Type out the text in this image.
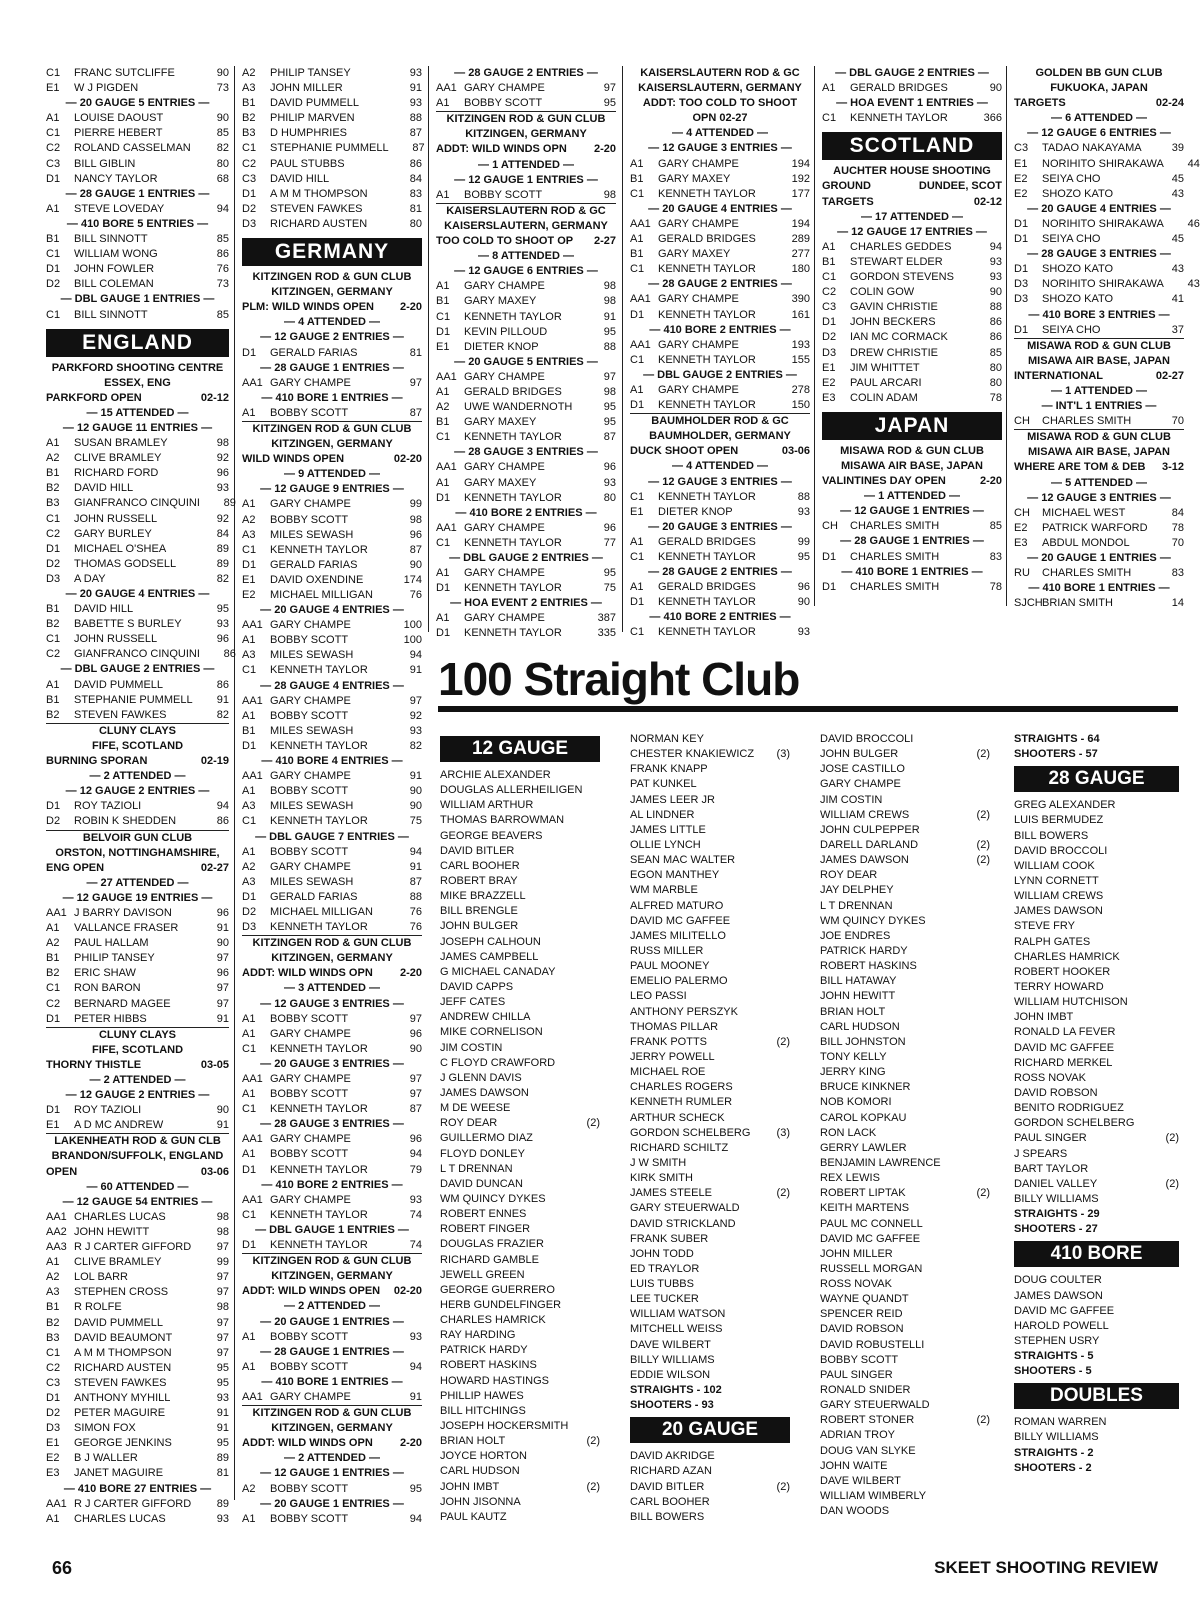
C1	FRANC SUTCLIFFE	90
E1	W J PIGDEN	73
— 20 GAUGE 5 ENTRIES —
A1	LOUISE DAOUST	90
C1	PIERRE HEBERT	85
C2	ROLAND CASSELMAN	82
C3	BILL GIBLIN	80
D1	NANCY TAYLOR	68
— 28 GAUGE 1 ENTRIES —
A1	STEVE LOVEDAY	94
— 410 BORE 5 ENTRIES —
B1	BILL SINNOTT	85
C1	WILLIAM WONG	86
D1	JOHN FOWLER	76
D2	BILL COLEMAN	73
— DBL GAUGE 1 ENTRIES —
C1	BILL SINNOTT	85
ENGLAND
PARKFORD SHOOTING CENTRE
ESSEX, ENG
PARKFORD OPEN	02-12
— 15 ATTENDED —
— 12 GAUGE 11 ENTRIES —
A1	SUSAN BRAMLEY	98
A2	CLIVE BRAMLEY	92
B1	RICHARD FORD	96
B2	DAVID HILL	93
B3	GIANFRANCO CINQUINI	89
C1	JOHN RUSSELL	92
C2	GARY BURLEY	84
D1	MICHAEL O'SHEA	89
D2	THOMAS GODSELL	89
D3	A DAY	82
— 20 GAUGE 4 ENTRIES —
B1	DAVID HILL	95
B2	BABETTE S BURLEY	93
C1	JOHN RUSSELL	96
C2	GIANFRANCO CINQUINI	86
— DBL GAUGE 2 ENTRIES —
A1	DAVID PUMMELL	86
B1	STEPHANIE PUMMELL	91
B2	STEVEN FAWKES	82
CLUNY CLAYS
FIFE, SCOTLAND
BURNING SPORAN	02-19
— 2 ATTENDED —
— 12 GAUGE 2 ENTRIES —
D1	ROY TAZIOLI	94
D2	ROBIN K SHEDDEN	86
BELVOIR GUN CLUB
ORSTON, NOTTINGHAMSHIRE,
ENG OPEN	02-27
— 27 ATTENDED —
— 12 GAUGE 19 ENTRIES —
AA1 J BARRY DAVISON	96
A1	VALLANCE FRASER	91
A2	PAUL HALLAM	90
B1	PHILIP TANSEY	97
B2	ERIC SHAW	96
C1	RON BARON	97
C2	BERNARD MAGEE	97
D1	PETER HIBBS	91
CLUNY CLAYS
FIFE, SCOTLAND
THORNY THISTLE	03-05
— 2 ATTENDED —
— 12 GAUGE 2 ENTRIES —
D1	ROY TAZIOLI	90
E1	A D MC ANDREW	91
LAKENHEATH ROD & GUN CLB
BRANDON/SUFFOLK, ENGLAND
OPEN	03-06
— 60 ATTENDED —
— 12 GAUGE 54 ENTRIES —
AA1 CHARLES LUCAS	98
AA2 JOHN HEWITT	98
AA3 R J CARTER GIFFORD	97
A1	CLIVE BRAMLEY	99
A2	LOL BARR	97
A3	STEPHEN CROSS	97
B1	R ROLFE	98
B2	DAVID PUMMELL	97
B3	DAVID BEAUMONT	97
C1	A M M THOMPSON	97
C2	RICHARD AUSTEN	95
C3	STEVEN FAWKES	95
D1	ANTHONY MYHILL	93
D2	PETER MAGUIRE	91
D3	SIMON FOX	91
E1	GEORGE JENKINS	95
E2	B J WALLER	89
E3	JANET MAGUIRE	81
— 410 BORE 27 ENTRIES —
AA1 R J CARTER GIFFORD	89
A1	CHARLES LUCAS	93
A2	PHILIP TANSEY	93
A3	JOHN MILLER	91
B1	DAVID PUMMELL	93
B2	PHILIP MARVEN	88
B3	D HUMPHRIES	87
C1	STEPHANIE PUMMELL	87
C2	PAUL STUBBS	86
C3	DAVID HILL	84
D1	A M M THOMPSON	83
D2	STEVEN FAWKES	81
D3	RICHARD AUSTEN	80
GERMANY
KITZINGEN ROD & GUN CLUB
KITZINGEN, GERMANY
PLM: WILD WINDS OPEN 2-20
— 4 ATTENDED —
— 12 GAUGE 2 ENTRIES —
D1	GERALD FARIAS	81
— 28 GAUGE 1 ENTRIES —
AA1 GARY CHAMPE	97
— 410 BORE 1 ENTRIES —
A1	BOBBY SCOTT	87
KITZINGEN ROD & GUN CLUB
KITZINGEN, GERMANY
WILD WINDS OPEN	02-20
— 9 ATTENDED —
— 12 GAUGE 9 ENTRIES —
A1	GARY CHAMPE	99
A2	BOBBY SCOTT	98
A3	MILES SEWASH	96
C1	KENNETH TAYLOR	87
D1	GERALD FARIAS	90
E1	DAVID OXENDINE	174
E2	MICHAEL MILLIGAN	76
— 20 GAUGE 4 ENTRIES —
AA1 GARY CHAMPE	100
A1	BOBBY SCOTT	100
A3	MILES SEWASH	94
C1	KENNETH TAYLOR	91
— 28 GAUGE 4 ENTRIES —
AA1 GARY CHAMPE	97
A1	BOBBY SCOTT	92
B1	MILES SEWASH	93
D1	KENNETH TAYLOR	82
— 410 BORE 4 ENTRIES —
AA1 GARY CHAMPE	91
A1	BOBBY SCOTT	90
A3	MILES SEWASH	90
C1	KENNETH TAYLOR	75
— DBL GAUGE 7 ENTRIES —
A1	BOBBY SCOTT	94
A2	GARY CHAMPE	91
A3	MILES SEWASH	87
D1	GERALD FARIAS	88
D2	MICHAEL MILLIGAN	76
D3	KENNETH TAYLOR	76
KITZINGEN ROD & GUN CLUB
KITZINGEN, GERMANY
ADDT: WILD WINDS OPN 2-20
— 3 ATTENDED —
— 12 GAUGE 3 ENTRIES —
A1	BOBBY SCOTT	97
A1	GARY CHAMPE	96
C1	KENNETH TAYLOR	90
— 20 GAUGE 3 ENTRIES —
AA1 GARY CHAMPE	97
A1	BOBBY SCOTT	97
C1	KENNETH TAYLOR	87
— 28 GAUGE 3 ENTRIES —
AA1 GARY CHAMPE	96
A1	BOBBY SCOTT	94
D1	KENNETH TAYLOR	79
— 410 BORE 2 ENTRIES —
AA1 GARY CHAMPE	93
C1	KENNETH TAYLOR	74
— DBL GAUGE 1 ENTRIES —
D1	KENNETH TAYLOR	74
KITZINGEN ROD & GUN CLUB
KITZINGEN, GERMANY
ADDT: WILD WINDS OPEN 02-20
— 2 ATTENDED —
— 20 GAUGE 1 ENTRIES —
A1	BOBBY SCOTT	93
— 28 GAUGE 1 ENTRIES —
A1	BOBBY SCOTT	94
— 410 BORE 1 ENTRIES —
AA1 GARY CHAMPE	91
KITZINGEN ROD & GUN CLUB
KITZINGEN, GERMANY
ADDT: WILD WINDS OPN 2-20
— 2 ATTENDED —
— 12 GAUGE 1 ENTRIES —
A2	BOBBY SCOTT	95
— 20 GAUGE 1 ENTRIES —
A1	BOBBY SCOTT	94
— 28 GAUGE 2 ENTRIES —
AA1 GARY CHAMPE	97
A1	BOBBY SCOTT	95
KITZINGEN ROD & GUN CLUB
KITZINGEN, GERMANY
ADDT: WILD WINDS OPN 2-20
— 1 ATTENDED —
— 12 GAUGE 1 ENTRIES —
A1	BOBBY SCOTT	98
KAISERSLAUTERN ROD & GC
KAISERSLAUTERN, GERMANY
TOO COLD TO SHOOT OP 2-27
— 8 ATTENDED —
— 12 GAUGE 6 ENTRIES —
A1	GARY CHAMPE	98
B1	GARY MAXEY	98
C1	KENNETH TAYLOR	91
D1	KEVIN PILLOUD	95
E1	DIETER KNOP	88
— 20 GAUGE 5 ENTRIES —
AA1 GARY CHAMPE	97
A1	GERALD BRIDGES	98
A2	UWE WANDERNOTH	95
B1	GARY MAXEY	95
C1	KENNETH TAYLOR	87
— 28 GAUGE 3 ENTRIES —
AA1 GARY CHAMPE	96
A1	GARY MAXEY	93
D1	KENNETH TAYLOR	80
— 410 BORE 2 ENTRIES —
AA1 GARY CHAMPE	96
C1	KENNETH TAYLOR	77
— DBL GAUGE 2 ENTRIES —
A1	GARY CHAMPE	95
D1	KENNETH TAYLOR	75
— HOA EVENT 2 ENTRIES —
A1	GARY CHAMPE	387
D1	KENNETH TAYLOR	335
KAISERSLAUTERN ROD & GC
KAISERSLAUTERN, GERMANY
ADDT: TOO COLD TO SHOOT
OPN 02-27
— 4 ATTENDED —
— 12 GAUGE 3 ENTRIES —
A1	GARY CHAMPE	194
B1	GARY MAXEY	192
C1	KENNETH TAYLOR	177
— 20 GAUGE 4 ENTRIES —
AA1 GARY CHAMPE	194
A1	GERALD BRIDGES	289
B1	GARY MAXEY	277
C1	KENNETH TAYLOR	180
— 28 GAUGE 2 ENTRIES —
AA1 GARY CHAMPE	390
D1	KENNETH TAYLOR	161
— 410 BORE 2 ENTRIES —
AA1 GARY CHAMPE	193
C1	KENNETH TAYLOR	155
— DBL GAUGE 2 ENTRIES —
A1	GARY CHAMPE	278
D1	KENNETH TAYLOR	150
BAUMHOLDER ROD & GC
BAUMHOLDER, GERMANY
DUCK SHOOT OPEN	03-06
— 4 ATTENDED —
— 12 GAUGE 3 ENTRIES —
C1	KENNETH TAYLOR	88
E1	DIETER KNOP	93
— 20 GAUGE 3 ENTRIES —
A1	GERALD BRIDGES	99
C1	KENNETH TAYLOR	95
— 28 GAUGE 2 ENTRIES —
A1	GERALD BRIDGES	96
D1	KENNETH TAYLOR	90
— 410 BORE 2 ENTRIES —
C1	KENNETH TAYLOR	93
— DBL GAUGE 2 ENTRIES —
A1	GERALD BRIDGES	90
— HOA EVENT 1 ENTRIES —
C1	KENNETH TAYLOR	366
SCOTLAND
AUCHTER HOUSE SHOOTING
GROUND	DUNDEE, SCOT
TARGETS	02-12
— 17 ATTENDED —
— 12 GAUGE 17 ENTRIES —
A1	CHARLES GEDDES	94
B1	STEWART ELDER	93
C1	GORDON STEVENS	93
C2	COLIN GOW	90
C3	GAVIN CHRISTIE	88
D1	JOHN BECKERS	86
D2	IAN MC CORMACK	86
D3	DREW CHRISTIE	85
E1	JIM WHITTET	80
E2	PAUL ARCARI	80
E3	COLIN ADAM	78
JAPAN
MISAWA ROD & GUN CLUB
MISAWA AIR BASE, JAPAN
VALINTINES DAY OPEN	2-20
— 1 ATTENDED —
— 12 GAUGE 1 ENTRIES —
CH	CHARLES SMITH	85
— 28 GAUGE 1 ENTRIES —
D1	CHARLES SMITH	83
— 410 BORE 1 ENTRIES —
D1	CHARLES SMITH	78
GOLDEN BB GUN CLUB
FUKUOKA, JAPAN
TARGETS	02-24
— 6 ATTENDED —
— 12 GAUGE 6 ENTRIES —
C3	TADAO NAKAYAMA	39
E1	NORIHITO SHIRAKAWA	44
E2	SEIYA CHO	45
E2	SHOZO KATO	43
— 20 GAUGE 4 ENTRIES —
D1	NORIHITO SHIRAKAWA	46
D1	SEIYA CHO	45
— 28 GAUGE 3 ENTRIES —
D1	SHOZO KATO	43
D3	NORIHITO SHIRAKAWA	43
D3	SHOZO KATO	41
— 410 BORE 3 ENTRIES —
D1	SEIYA CHO	37
MISAWA ROD & GUN CLUB
MISAWA AIR BASE, JAPAN
INTERNATIONAL	02-27
— 1 ATTENDED —
— INT'L 1 ENTRIES —
CH	CHARLES SMITH	70
MISAWA ROD & GUN CLUB
MISAWA AIR BASE, JAPAN
WHERE ARE TOM & DEB 3-12
— 5 ATTENDED —
— 12 GAUGE 3 ENTRIES —
CH	MICHAEL WEST	84
E2	PATRICK WARFORD	78
E3	ABDUL MONDOL	70
— 20 GAUGE 1 ENTRIES —
RU	CHARLES SMITH	83
— 410 BORE 1 ENTRIES —
SJCH BRIAN SMITH	14
100 Straight Club
12 GAUGE
ARCHIE ALEXANDER
DOUGLAS ALLERHEILIGEN
WILLIAM ARTHUR
THOMAS BARROWMAN
GEORGE BEAVERS
DAVID BITLER
CARL BOOHER
ROBERT BRAY
MIKE BRAZZELL
BILL BRENGLE
JOHN BULGER
JOSEPH CALHOUN
JAMES CAMPBELL
G MICHAEL CANADAY
DAVID CAPPS
JEFF CATES
ANDREW CHILLA
MIKE CORNELISON
JIM COSTIN
C FLOYD CRAWFORD
J GLENN DAVIS
JAMES DAWSON
M DE WEESE
ROY DEAR	(2)
GUILLERMO DIAZ
FLOYD DONLEY
L T DRENNAN
DAVID DUNCAN
WM QUINCY DYKES
ROBERT ENNES
ROBERT FINGER
DOUGLAS FRAZIER
RICHARD GAMBLE
JEWELL GREEN
GEORGE GUERRERO
HERB GUNDELFINGER
CHARLES HAMRICK
RAY HARDING
PATRICK HARDY
ROBERT HASKINS
HOWARD HASTINGS
PHILLIP HAWES
BILL HITCHINGS
JOSEPH HOCKERSMITH
BRIAN HOLT	(2)
JOYCE HORTON
CARL HUDSON
JOHN IMBT	(2)
JOHN JISONNA
PAUL KAUTZ
NORMAN KEY
CHESTER KNAKIEWICZ	(3)
FRANK KNAPP
PAT KUNKEL
JAMES LEER JR
AL LINDNER
JAMES LITTLE
OLLIE LYNCH
SEAN MAC WALTER
EGON MANTHEY
WM MARBLE
ALFRED MATURO
DAVID MC GAFFEE
JAMES MILITELLO
RUSS MILLER
PAUL MOONEY
EMELIO PALERMO
LEO PASSI
ANTHONY PERSZYK
THOMAS PILLAR
FRANK POTTS	(2)
JERRY POWELL
MICHAEL ROE
CHARLES ROGERS
KENNETH RUMLER
ARTHUR SCHECK
GORDON SCHELBERG	(3)
RICHARD SCHILTZ
J W SMITH
KIRK SMITH
JAMES STEELE	(2)
GARY STEUERWALD
DAVID STRICKLAND
FRANK SUBER
JOHN TODD
ED TRAYLOR
LUIS TUBBS
LEE TUCKER
WILLIAM WATSON
MITCHELL WEISS
DAVE WILBERT
BILLY WILLIAMS
EDDIE WILSON
STRAIGHTS - 102
SHOOTERS - 93
20 GAUGE
DAVID AKRIDGE
RICHARD AZAN
DAVID BITLER	(2)
CARL BOOHER
BILL BOWERS
DAVID BROCCOLI
JOHN BULGER	(2)
JOSE CASTILLO
GARY CHAMPE
JIM COSTIN
WILLIAM CREWS	(2)
JOHN CULPEPPER
DARELL DARLAND	(2)
JAMES DAWSON	(2)
ROY DEAR
JAY DELPHEY
L T DRENNAN
WM QUINCY DYKES
JOE ENDRES
PATRICK HARDY
ROBERT HASKINS
BILL HATAWAY
JOHN HEWITT
BRIAN HOLT
CARL HUDSON
BILL JOHNSTON
TONY KELLY
JERRY KING
BRUCE KINKNER
NOB KOMORI
CAROL KOPKAU
RON LACK
GERRY LAWLER
BENJAMIN LAWRENCE
REX LEWIS
ROBERT LIPTAK	(2)
KEITH MARTENS
PAUL MC CONNELL
DAVID MC GAFFEE
JOHN MILLER
RUSSELL MORGAN
ROSS NOVAK
WAYNE QUANDT
SPENCER REID
DAVID ROBSON
DAVID ROBUSTELLI
BOBBY SCOTT
PAUL SINGER
RONALD SNIDER
GARY STEUERWALD
ROBERT STONER	(2)
ADRIAN TROY
DOUG VAN SLYKE
JOHN WAITE
DAVE WILBERT
WILLIAM WIMBERLY
DAN WOODS
STRAIGHTS - 64
SHOOTERS - 57
28 GAUGE
GREG ALEXANDER
LUIS BERMUDEZ
BILL BOWERS
DAVID BROCCOLI
WILLIAM COOK
LYNN CORNETT
WILLIAM CREWS
JAMES DAWSON
STEVE FRY
RALPH GATES
CHARLES HAMRICK
ROBERT HOOKER
TERRY HOWARD
WILLIAM HUTCHISON
JOHN IMBT
RONALD LA FEVER
DAVID MC GAFFEE
RICHARD MERKEL
ROSS NOVAK
DAVID ROBSON
BENITO RODRIGUEZ
GORDON SCHELBERG
PAUL SINGER	(2)
J SPEARS
BART TAYLOR
DANIEL VALLEY	(2)
BILLY WILLIAMS
STRAIGHTS - 29
SHOOTERS - 27
410 BORE
DOUG COULTER
JAMES DAWSON
DAVID MC GAFFEE
HAROLD POWELL
STEPHEN USRY
STRAIGHTS - 5
SHOOTERS - 5
DOUBLES
ROMAN WARREN
BILLY WILLIAMS
STRAIGHTS - 2
SHOOTERS - 2
66	SKEET SHOOTING REVIEW
